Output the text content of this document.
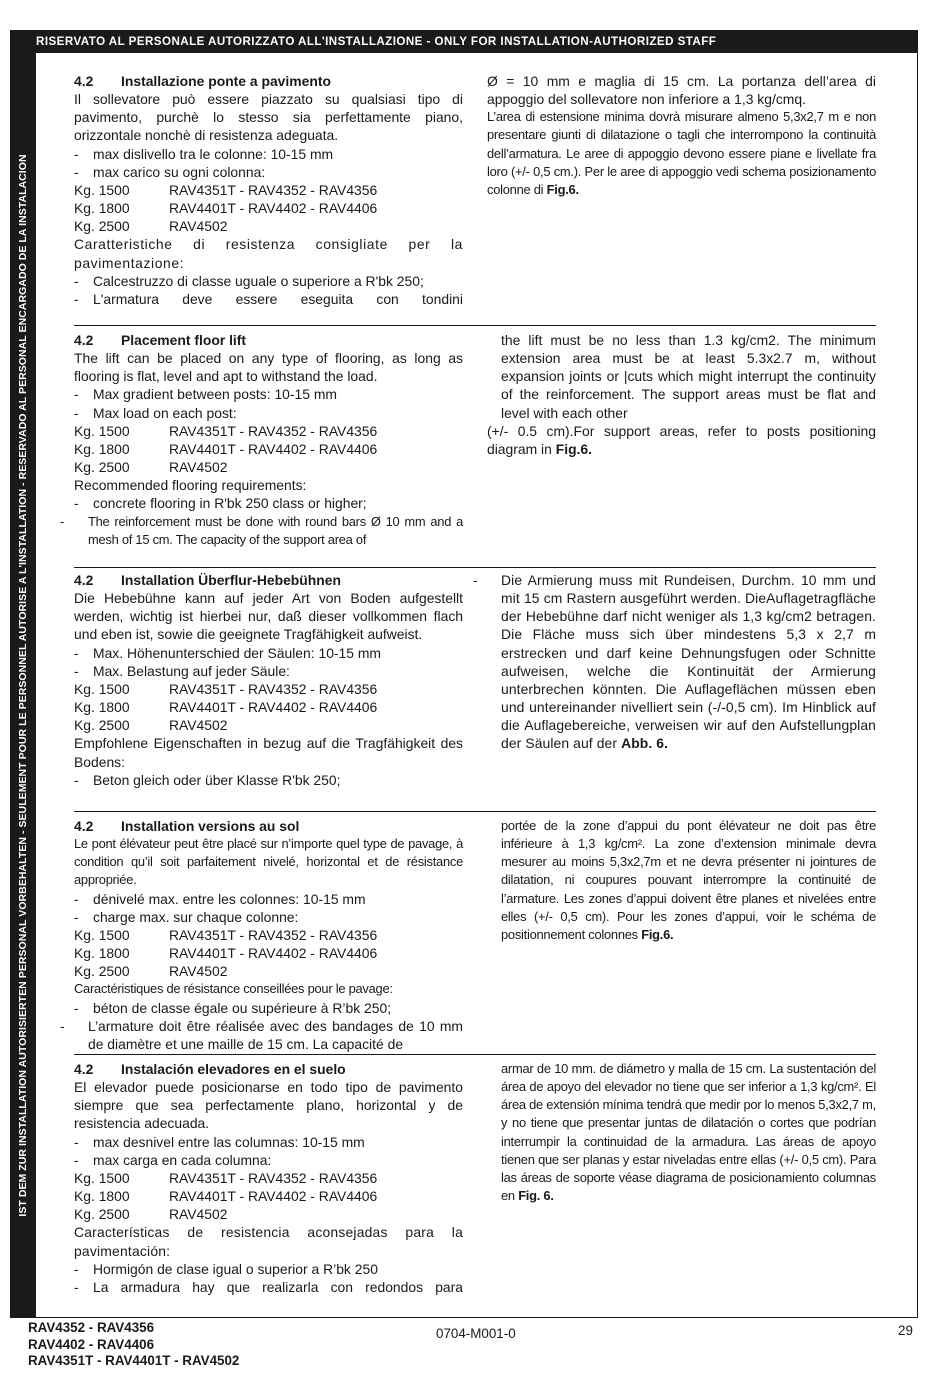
RISERVATO AL PERSONALE AUTORIZZATO ALL'INSTALLAZIONE - ONLY FOR INSTALLATION-AUTHORIZED STAFF
IST DEM ZUR INSTALLATION AUTORISIERTEN PERSONAL VORBEHALTEN - SEULEMENT POUR LE PERSONNEL AUTORISE A L'INSTALLATION - RESERVADO AL PERSONAL ENCARGADO DE LA INSTALACION

4.2 Installazione ponte a pavimento

Il sollevatore può essere piazzato su qualsiasi tipo di pavimento, purchè lo stesso sia perfettamente piano, orizzontale nonchè di resistenza adeguata.

- max dislivello tra le colonne: 10-15 mm

- max carico su ogni colonna:

Kg. 1500	RAV4351T - RAV4352 - RAV4356

Kg. 1800	RAV4401T - RAV4402 - RAV4406

Kg. 2500	RAV4502

Caratteristiche di resistenza consigliate per la pavimentazione:

- Calcestruzzo di classe uguale o superiore a R'bk 250;

- L'armatura deve essere eseguita con tondini

Ø = 10 mm e maglia di 15 cm. La portanza dell’area di appoggio del sollevatore non inferiore a 1,3 kg/cmq.

L’area di estensione minima dovrà misurare almeno 5,3x2,7 m e non presentare giunti di dilatazione o tagli che interrompono la continuità dell’armatura. Le aree di appoggio devono essere piane e livellate fra loro (+/- 0,5 cm.). Per le aree di appoggio vedi schema posizionamento colonne di Fig.6.

4.2 Placement floor lift

The lift can be placed on any type of flooring, as long as flooring is flat, level and apt to withstand the load.

- Max gradient between posts: 10-15 mm

- Max load on each post:

Kg. 1500	RAV4351T - RAV4352 - RAV4356

Kg. 1800	RAV4401T - RAV4402 - RAV4406

Kg. 2500	RAV4502

Recommended flooring requirements:

- concrete flooring in R'bk 250 class or higher;

- The reinforcement must be done with round bars Ø 10 mm and a mesh of 15 cm. The capacity of the support area of

the lift must be no less than 1.3 kg/cm2. The minimum extension area must be at least 5.3x2.7 m, without expansion joints or |cuts which might interrupt the continuity of the reinforcement. The support areas must be flat and level with each other

(+/- 0.5 cm).For support areas, refer to posts positioning diagram in Fig.6.

4.2 Installation Überflur-Hebebühnen

Die Hebebühne kann auf jeder Art von Boden aufgestellt werden, wichtig ist hierbei nur, daß dieser vollkommen flach und eben ist, sowie die geeignete Tragfähigkeit aufweist.

- Max. Höhenunterschied der Säulen: 10-15 mm

- Max. Belastung auf jeder Säule:

Kg. 1500	RAV4351T - RAV4352 - RAV4356

Kg. 1800	RAV4401T - RAV4402 - RAV4406

Kg. 2500	RAV4502

Empfohlene Eigenschaften in bezug auf die Tragfähigkeit des Bodens:

- Beton gleich oder über Klasse R'bk 250;

- Die Armierung muss mit Rundeisen, Durchm. 10 mm und mit 15 cm Rastern ausgeführt werden. DieAuflagetragfläche der Hebebühne darf nicht weniger als 1,3 kg/cm2 betragen. Die Fläche muss sich über mindestens 5,3 x 2,7 m erstrecken und darf keine Dehnungsfugen oder Schnitte aufweisen, welche die Kontinuität der Armierung unterbrechen könnten. Die Auflageflächen müssen eben und untereinander nivelliert sein (-/-0,5 cm). Im Hinblick auf die Auflagebereiche, verweisen wir auf den Aufstellungplan der Säulen auf der Abb. 6.

4.2 Installation versions au sol

Le pont élévateur peut être placé sur n’importe quel type de pavage, à condition qu’il soit parfaitement nivelé, horizontal et de résistance appropriée.

- dénivelé max. entre les colonnes: 10-15 mm

- charge max. sur chaque colonne:

Kg. 1500	RAV4351T - RAV4352 - RAV4356

Kg. 1800	RAV4401T - RAV4402 - RAV4406

Kg. 2500	RAV4502

Caractéristiques de résistance conseillées pour le pavage:

- béton de classe égale ou supérieure à R’bk 250;

- L’armature doit être réalisée avec des bandages de 10 mm de diamètre et une maille de 15 cm. La capacité de

portée de la zone d’appui du pont élévateur ne doit pas être inférieure à 1,3 kg/cm². La zone d’extension minimale devra mesurer au moins 5,3x2,7m et ne devra présenter ni jointures de dilatation, ni coupures pouvant interrompre la continuité de l’armature. Les zones d’appui doivent être planes et nivelées entre elles (+/- 0,5 cm). Pour les zones d’appui, voir le schéma de positionnement colonnes Fig.6.

4.2 Instalación elevadores en el suelo

El elevador puede posicionarse en todo tipo de pavimento siempre que sea perfectamente plano, horizontal y de resistencia adecuada.

- max desnivel entre las columnas: 10-15 mm

- max carga en cada columna:

Kg. 1500	RAV4351T - RAV4352 - RAV4356

Kg. 1800	RAV4401T - RAV4402 - RAV4406

Kg. 2500	RAV4502

Características de resistencia aconsejadas para la pavimentación:

- Hormigón de clase igual o superior a R’bk 250

- La armadura hay que realizarla con redondos para

armar de 10 mm. de diámetro y malla de 15 cm. La sustentación del área de apoyo del elevador no tiene que ser inferior a 1,3 kg/cm². El área de extensión mínima tendrá que medir por lo menos 5,3x2,7 m, y no tiene que presentar juntas de dilatación o cortes que podrían interrumpir la continuidad de la armadura. Las áreas de apoyo tienen que ser planas y estar niveladas entre ellas (+/- 0,5 cm). Para las áreas de soporte véase diagrama de posicionamiento columnas en Fig. 6.

RAV4352 - RAV4356
RAV4402 - RAV4406
RAV4351T - RAV4401T - RAV4502
0704-M001-0	29
